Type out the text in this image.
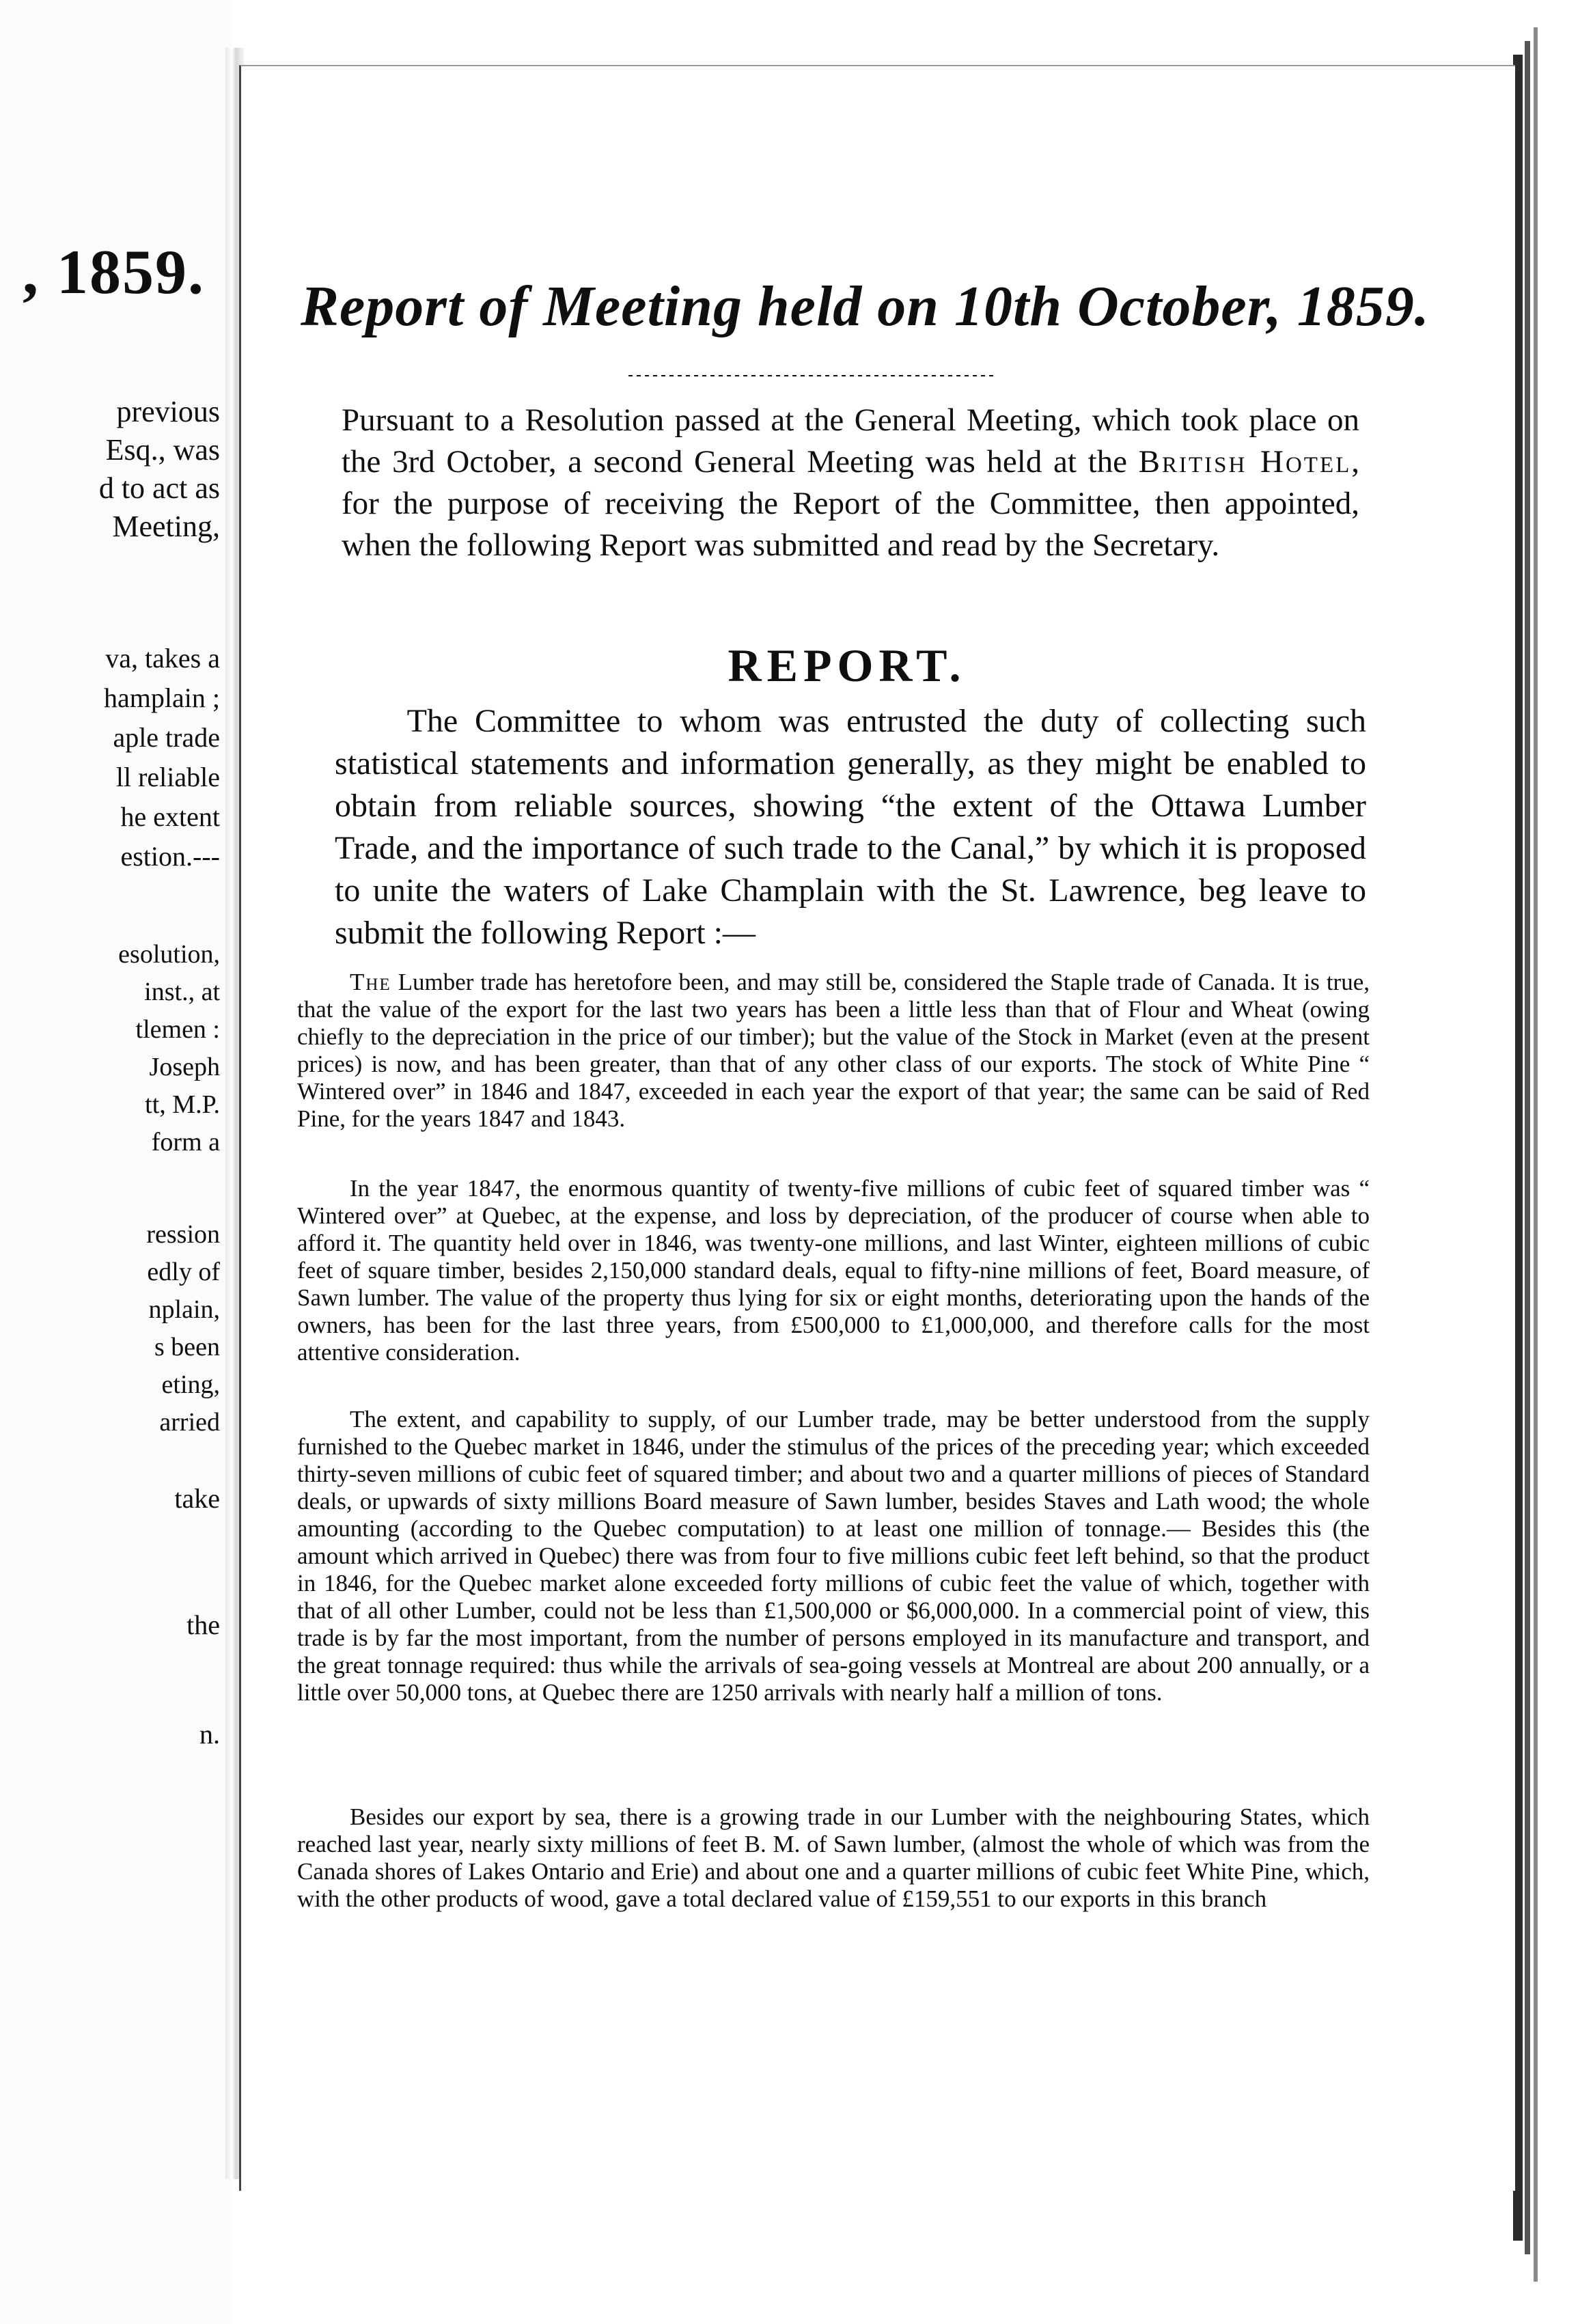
, 1859.
previous
Esq., was
d to act as
Meeting,
va, takes a
hamplain ;
aple trade
ll reliable
he extent
estion.---
esolution,
inst., at
tlemen :
Joseph
tt, M.P.
form a
ression
edly of
nplain,
s been
eting,
arried
take
the
n.
Report of Meeting held on 10th October, 1859.
Pursuant to a Resolution passed at the General Meeting, which took place on the 3rd October, a second General Meeting was held at the British Hotel, for the purpose of receiving the Report of the Committee, then appointed, when the following Report was submitted and read by the Secretary.
REPORT.
The Committee to whom was entrusted the duty of collecting such statistical statements and information generally, as they might be enabled to obtain from reliable sources, showing “the extent of the Ottawa Lumber Trade, and the importance of such trade to the Canal,” by which it is proposed to unite the waters of Lake Champlain with the St. Lawrence, beg leave to submit the following Report :—
The Lumber trade has heretofore been, and may still be, considered the Staple trade of Canada. It is true, that the value of the export for the last two years has been a little less than that of Flour and Wheat (owing chiefly to the depreciation in the price of our timber); but the value of the Stock in Market (even at the present prices) is now, and has been greater, than that of any other class of our exports. The stock of White Pine “ Wintered over” in 1846 and 1847, exceeded in each year the export of that year; the same can be said of Red Pine, for the years 1847 and 1843.
In the year 1847, the enormous quantity of twenty-five millions of cubic feet of squared timber was “ Wintered over” at Quebec, at the expense, and loss by depreciation, of the producer of course when able to afford it. The quantity held over in 1846, was twenty-one millions, and last Winter, eighteen millions of cubic feet of square timber, besides 2,150,000 standard deals, equal to fifty-nine millions of feet, Board measure, of Sawn lumber. The value of the property thus lying for six or eight months, deteriorating upon the hands of the owners, has been for the last three years, from £500,000 to £1,000,000, and therefore calls for the most attentive consideration.
The extent, and capability to supply, of our Lumber trade, may be better understood from the supply furnished to the Quebec market in 1846, under the stimulus of the prices of the preceding year; which exceeded thirty-seven millions of cubic feet of squared timber; and about two and a quarter millions of pieces of Standard deals, or upwards of sixty millions Board measure of Sawn lumber, besides Staves and Lath wood; the whole amounting (according to the Quebec computation) to at least one million of tonnage.— Besides this (the amount which arrived in Quebec) there was from four to five millions cubic feet left behind, so that the product in 1846, for the Quebec market alone exceeded forty millions of cubic feet the value of which, together with that of all other Lumber, could not be less than £1,500,000 or $6,000,000. In a commercial point of view, this trade is by far the most important, from the number of persons employed in its manufacture and transport, and the great tonnage required: thus while the arrivals of sea-going vessels at Montreal are about 200 annually, or a little over 50,000 tons, at Quebec there are 1250 arrivals with nearly half a million of tons.
Besides our export by sea, there is a growing trade in our Lumber with the neighbouring States, which reached last year, nearly sixty millions of feet B. M. of Sawn lumber, (almost the whole of which was from the Canada shores of Lakes Ontario and Erie) and about one and a quarter millions of cubic feet White Pine, which, with the other products of wood, gave a total declared value of £159,551 to our exports in this branch
